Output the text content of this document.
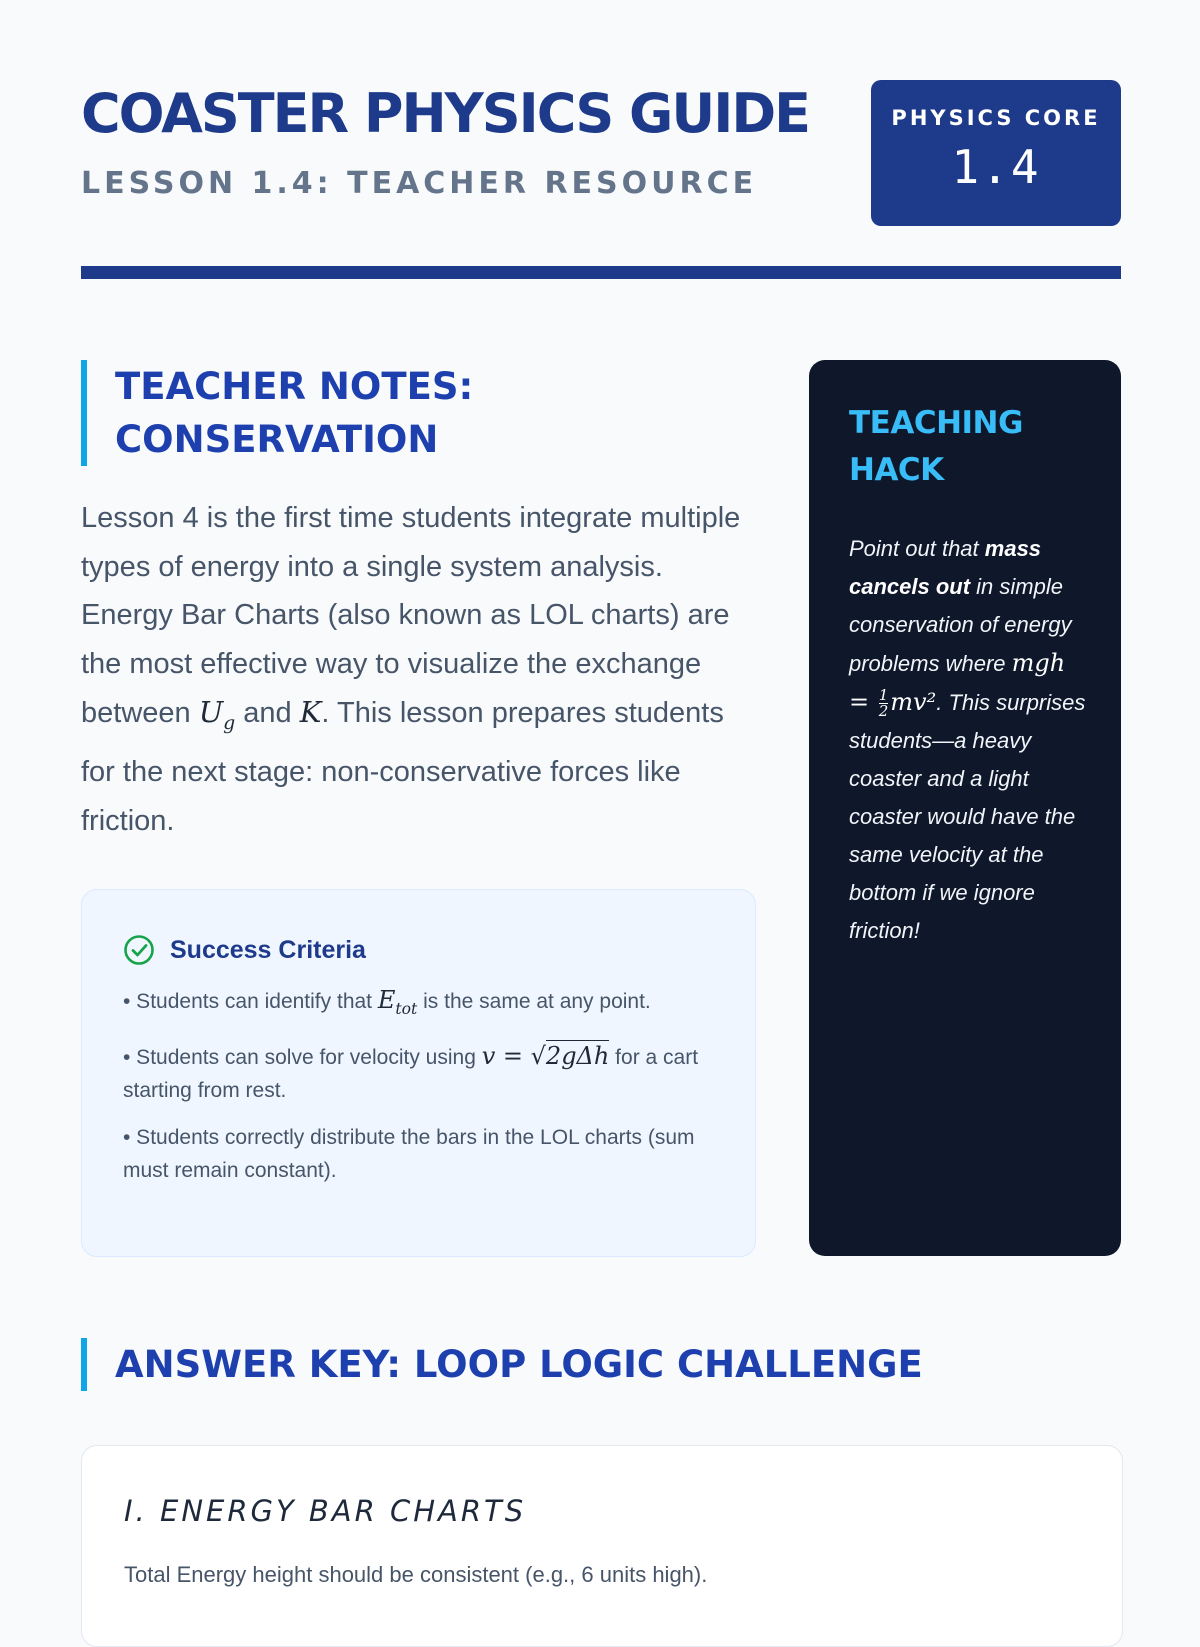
COASTER PHYSICS GUIDE
LESSON 1.4: TEACHER RESOURCE
PHYSICS CORE
1.4
TEACHER NOTES:
CONSERVATION

Lesson 4 is the first time students integrate multiple types of energy into a single system analysis. Energy Bar Charts (also known as LOL charts) are the most effective way to visualize the exchange between $U_g$ and K. This lesson prepares students for the next stage: non-conservative forces like friction.

Success Criteria
• Students can identify that $E_{tot}$ is the same at any point.
• Students can solve for velocity using v = √2gΔh for a cart starting from rest.
• Students correctly distribute the bars in the LOL charts (sum must remain constant).
TEACHING
HACK
Point out that mass cancels out in simple conservation of energy problems where mgh = $\frac{1}{2} mv^2$. This surprises students—a heavy coaster and a light coaster would have the same velocity at the bottom if we ignore friction!
ANSWER KEY: LOOP LOGIC CHALLENGE
I. ENERGY BAR CHARTS
Total Energy height should be consistent (e.g., 6 units high).
